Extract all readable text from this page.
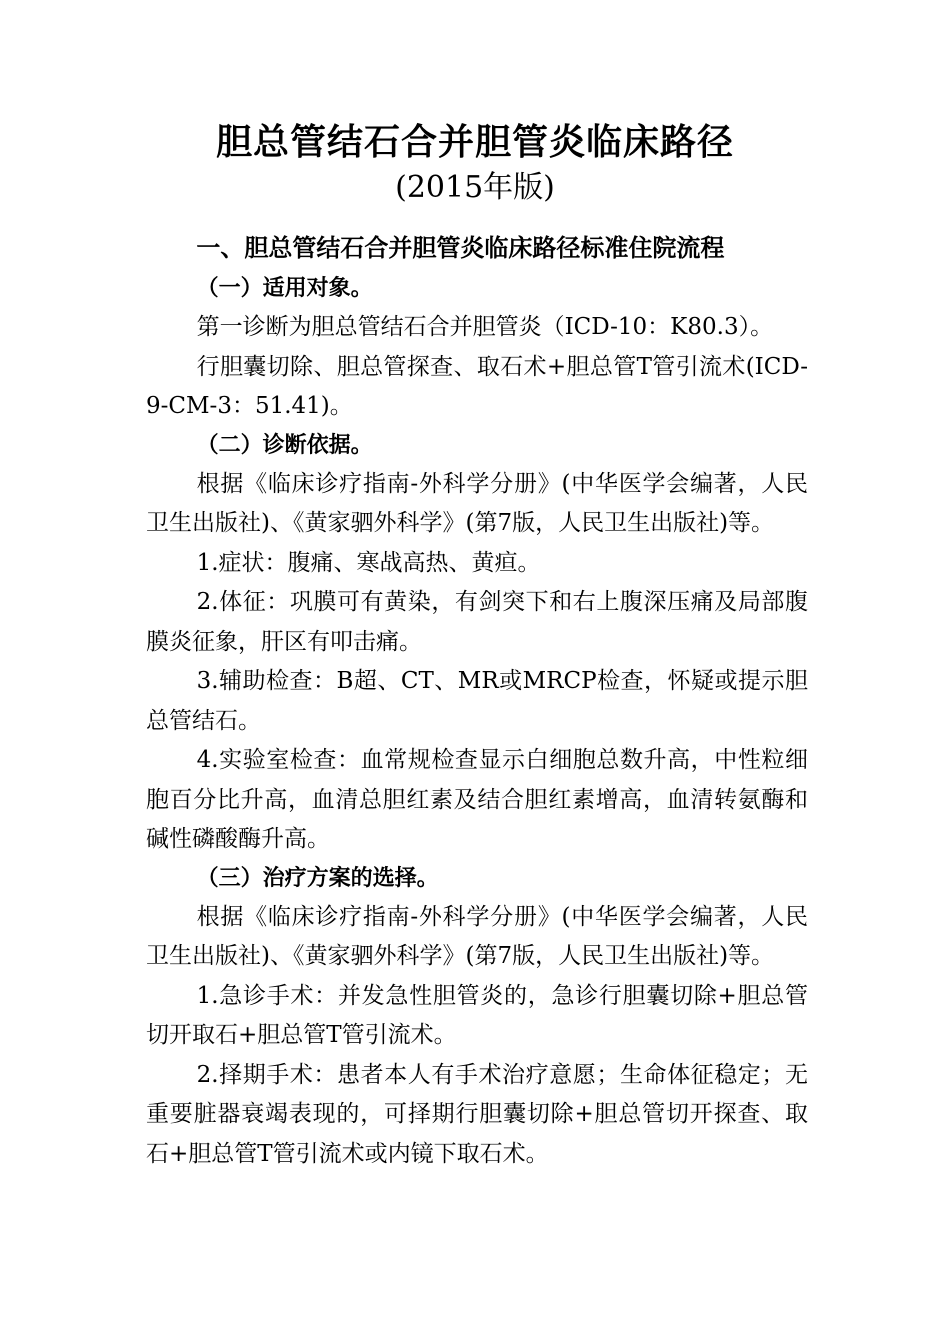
胆总管结石合并胆管炎临床路径
(2015年版)

一、胆总管结石合并胆管炎临床路径标准住院流程

（一）适用对象。

第一诊断为胆总管结石合并胆管炎（ICD-10：K80.3）。

行胆囊切除、胆总管探查、取石术+胆总管T管引流术(ICD-9-CM-3：51.41)。

（二）诊断依据。

根据《临床诊疗指南-外科学分册》(中华医学会编著，人民卫生出版社)、《黄家驷外科学》(第7版，人民卫生出版社)等。

1.症状：腹痛、寒战高热、黄疸。

2.体征：巩膜可有黄染，有剑突下和右上腹深压痛及局部腹膜炎征象，肝区有叩击痛。

3.辅助检查：B超、CT、MR或MRCP检查，怀疑或提示胆总管结石。

4.实验室检查：血常规检查显示白细胞总数升高，中性粒细胞百分比升高，血清总胆红素及结合胆红素增高，血清转氨酶和碱性磷酸酶升高。

（三）治疗方案的选择。

根据《临床诊疗指南-外科学分册》(中华医学会编著，人民卫生出版社)、《黄家驷外科学》(第7版，人民卫生出版社)等。

1.急诊手术：并发急性胆管炎的，急诊行胆囊切除+胆总管切开取石+胆总管T管引流术。

2.择期手术：患者本人有手术治疗意愿；生命体征稳定；无重要脏器衰竭表现的，可择期行胆囊切除+胆总管切开探查、取石+胆总管T管引流术或内镜下取石术。
